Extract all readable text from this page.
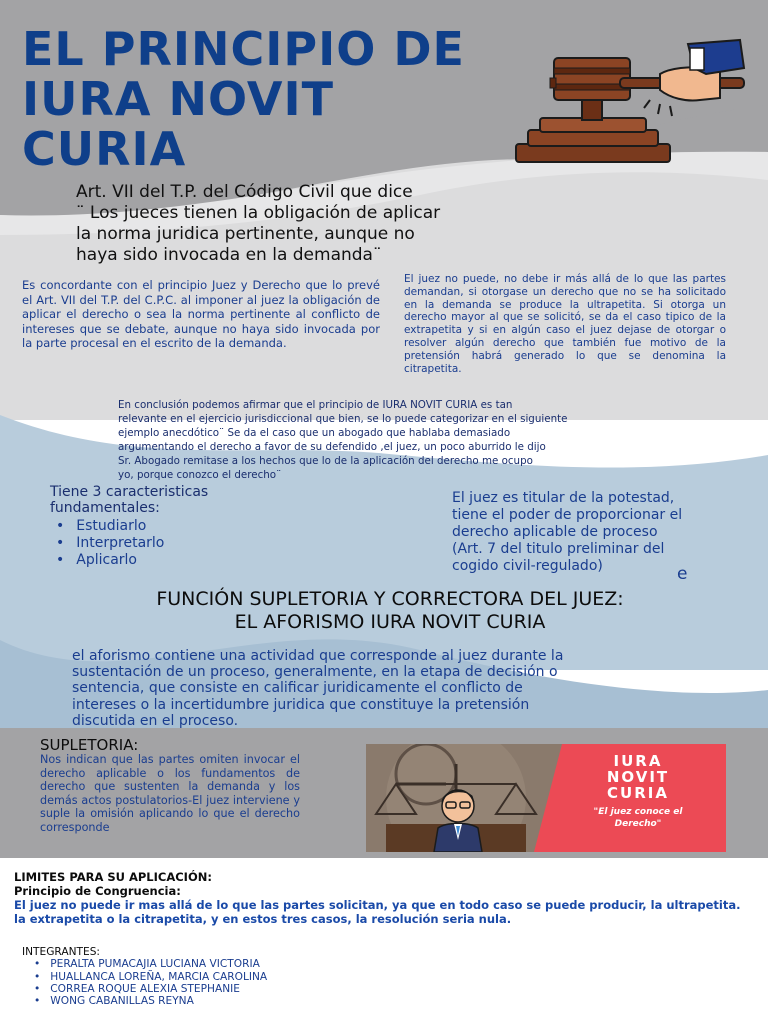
EL PRINCIPIO DE
IURA NOVIT
CURIA
Art. VII del T.P. del Código Civil que dice
¨ Los jueces tienen la obligación de aplicar
la norma juridica pertinente, aunque no
haya sido invocada en la demanda¨

Es concordante con el principio Juez y Derecho que lo prevé el Art. VII del T.P. del C.P.C. al imponer al juez la obligación de aplicar el derecho o sea la norma pertinente al conflicto de intereses que se debate, aunque no haya sido invocada por la parte procesal en el escrito de la demanda.

El juez no puede, no debe ir más allá de lo que las partes demandan, si otorgase un derecho que no se ha solicitado en la demanda se produce la ultrapetita. Si otorga un derecho mayor al que se solicitó, se da el caso tipico de la extrapetita y si en algún caso el juez dejase de otorgar o resolver algún derecho que también fue motivo de la pretensión habrá generado lo que se denomina la citrapetita.

En conclusión podemos afirmar que el principio de IURA NOVIT CURIA es tan
relevante en el ejercicio jurisdiccional que bien, se lo puede categorizar en el siguiente
ejemplo anecdótico¨ Se da el caso que un abogado que hablaba demasiado
argumentando el derecho a favor de su defendido ,el juez, un poco aburrido le dijo
Sr. Abogado remitase a los hechos que lo de la aplicación del derecho me ocupo
yo, porque conozco el derecho¨
Tiene 3 caracteristicas
fundamentales:
• Estudiarlo
• Interpretarlo
• Aplicarlo
El juez es titular de la potestad,
tiene el poder de proporcionar el
derecho aplicable de proceso
(Art. 7 del titulo preliminar del
cogido civil-regulado)	e
FUNCIÓN SUPLETORIA Y CORRECTORA DEL JUEZ:
EL AFORISMO IURA NOVIT CURIA
el aforismo contiene una actividad que corresponde al juez durante la
sustentación de un proceso, generalmente, en la etapa de decisión o
sentencia, que consiste en calificar juridicamente el conflicto de
intereses o la incertidumbre juridica que constituye la pretensión
discutida en el proceso.
SUPLETORIA:

Nos indican que las partes omiten invocar el derecho aplicable o los fundamentos de derecho que sustenten la demanda y los demás actos postulatorios-El juez interviene y suple la omisión aplicando lo que el derecho corresponde

IURA
NOVIT
CURIA
"El juez conoce el
Derecho"
LIMITES PARA SU APLICACIÓN:
Principio de Congruencia:
El juez no puede ir mas allá de lo que las partes solicitan, ya que en todo caso se puede producir, la ultrapetita. la extrapetita o la citrapetita, y en estos tres casos, la resolución seria nula.
INTEGRANTES:
• PERALTA PUMACAJIA LUCIANA VICTORIA
• HUALLANCA LOREÑA, MARCIA CAROLINA
• CORREA ROQUE ALEXIA STEPHANIE
• WONG CABANILLAS REYNA
